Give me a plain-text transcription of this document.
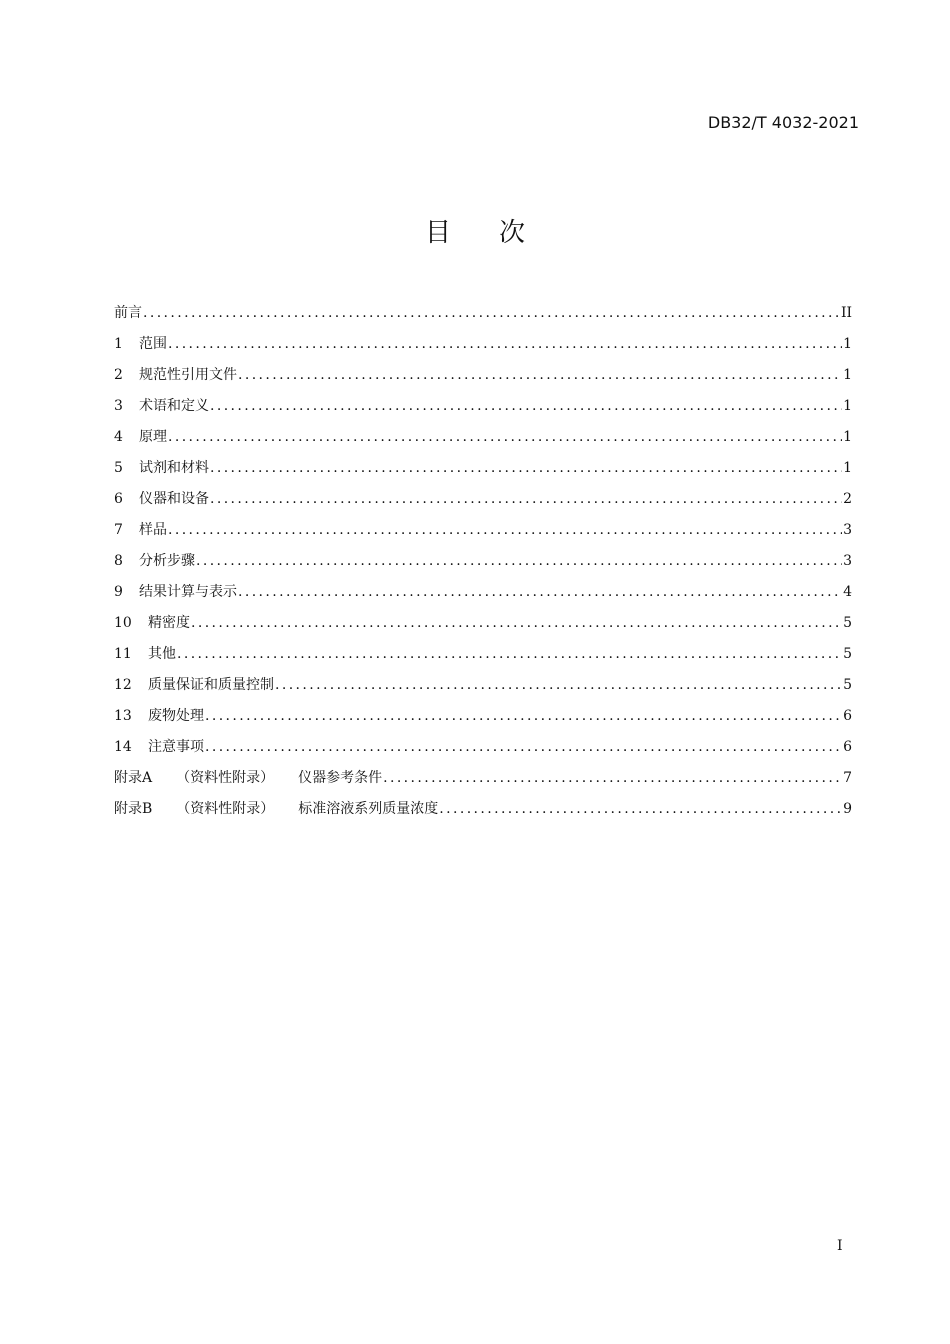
DB32/T 4032-2021
目 次
前言 .....	II
1	范围 .....	1
2	规范性引用文件 .....	1
3	术语和定义 .....	1
4	原理 .....	1
5	试剂和材料 .....	1
6	仪器和设备 .....	2
7	样品 .....	3
8	分析步骤 .....	3
9	结果计算与表示 .....	4
10	精密度 .....	5
11	其他 .....	5
12	质量保证和质量控制 .....	5
13	废物处理 .....	6
14	注意事项 .....	6
附录A （资料性附录） 仪器参考条件 .....	7
附录B （资料性附录） 标准溶液系列质量浓度 .....	9
I
